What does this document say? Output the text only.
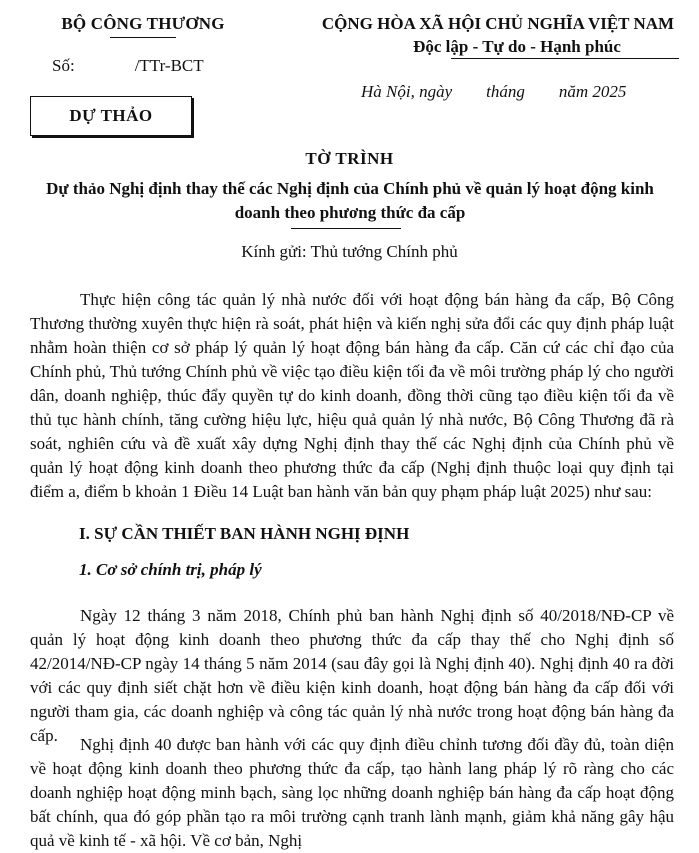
BỘ CÔNG THƯƠNG
Số:	/TTr-BCT
CỘNG HÒA XÃ HỘI CHỦ NGHĨA VIỆT NAM
Độc lập - Tự do - Hạnh phúc
Hà Nội, ngày        tháng        năm 2025
DỰ THẢO
TỜ TRÌNH
Dự thảo Nghị định thay thế các Nghị định của Chính phủ về quản lý hoạt động kinh doanh theo phương thức đa cấp
Kính gửi: Thủ tướng Chính phủ

Thực hiện công tác quản lý nhà nước đối với hoạt động bán hàng đa cấp, Bộ Công Thương thường xuyên thực hiện rà soát, phát hiện và kiến nghị sửa đổi các quy định pháp luật nhằm hoàn thiện cơ sở pháp lý quản lý hoạt động bán hàng đa cấp. Căn cứ các chỉ đạo của Chính phủ, Thủ tướng Chính phủ về việc tạo điều kiện tối đa về môi trường pháp lý cho người dân, doanh nghiệp, thúc đẩy quyền tự do kinh doanh, đồng thời cũng tạo điều kiện tối đa về thủ tục hành chính, tăng cường hiệu lực, hiệu quả quản lý nhà nước, Bộ Công Thương đã rà soát, nghiên cứu và đề xuất xây dựng Nghị định thay thế các Nghị định của Chính phủ về quản lý hoạt động kinh doanh theo phương thức đa cấp (Nghị định thuộc loại quy định tại điểm a, điểm b khoản 1 Điều 14 Luật ban hành văn bản quy phạm pháp luật 2025) như sau:

I. SỰ CẦN THIẾT BAN HÀNH NGHỊ ĐỊNH
1. Cơ sở chính trị, pháp lý

Ngày 12 tháng 3 năm 2018, Chính phủ ban hành Nghị định số 40/2018/NĐ-CP về quản lý hoạt động kinh doanh theo phương thức đa cấp thay thế cho Nghị định số 42/2014/NĐ-CP ngày 14 tháng 5 năm 2014 (sau đây gọi là Nghị định 40). Nghị định 40 ra đời với các quy định siết chặt hơn về điều kiện kinh doanh, hoạt động bán hàng đa cấp đối với người tham gia, các doanh nghiệp và công tác quản lý nhà nước trong hoạt động bán hàng đa cấp.	Nghị định 40 được ban hành với các quy định điều chỉnh tương đối đầy đủ, toàn diện về hoạt động kinh doanh theo phương thức đa cấp, tạo hành lang pháp lý rõ ràng cho các doanh nghiệp hoạt động minh bạch, sàng lọc những doanh nghiệp bán hàng đa cấp hoạt động bất chính, qua đó góp phần tạo ra môi trường cạnh tranh lành mạnh, giảm khả năng gây hậu quả về kinh tế - xã hội. Về cơ bản, Nghị
